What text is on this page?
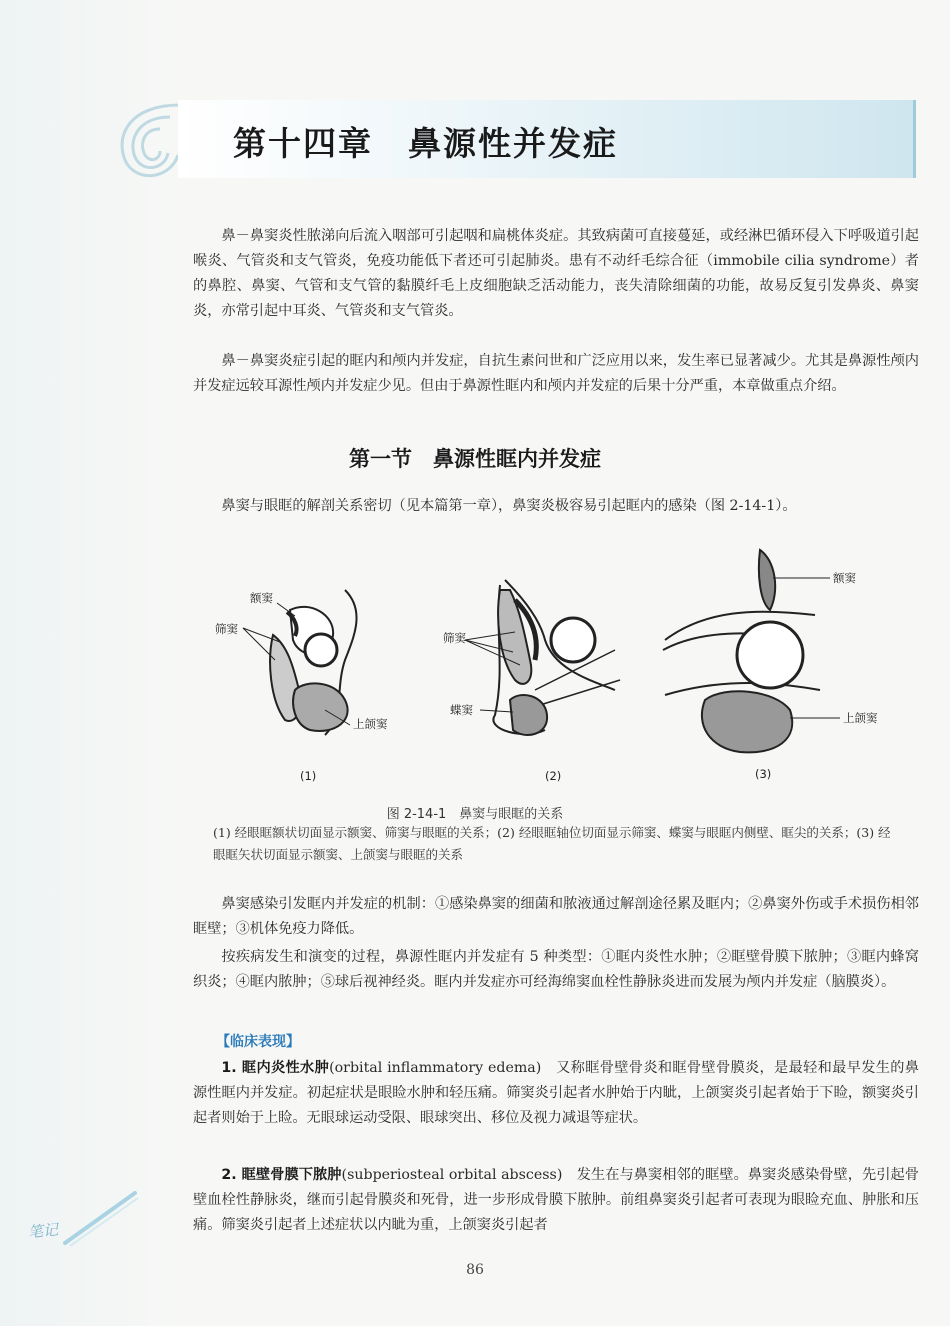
第十四章　鼻源性并发症

鼻－鼻窦炎性脓涕向后流入咽部可引起咽和扁桃体炎症。其致病菌可直接蔓延，或经淋巴循环侵入下呼吸道引起喉炎、气管炎和支气管炎，免疫功能低下者还可引起肺炎。患有不动纤毛综合征（immobile cilia syndrome）者的鼻腔、鼻窦、气管和支气管的黏膜纤毛上皮细胞缺乏活动能力，丧失清除细菌的功能，故易反复引发鼻炎、鼻窦炎，亦常引起中耳炎、气管炎和支气管炎。

鼻－鼻窦炎症引起的眶内和颅内并发症，自抗生素问世和广泛应用以来，发生率已显著减少。尤其是鼻源性颅内并发症远较耳源性颅内并发症少见。但由于鼻源性眶内和颅内并发症的后果十分严重，本章做重点介绍。

第一节　鼻源性眶内并发症

鼻窦与眼眶的解剖关系密切（见本篇第一章），鼻窦炎极容易引起眶内的感染（图 2-14-1）。

额窦
筛窦
上颌窦
(1)
筛窦
蝶窦
(2)
额窦
上颌窦
(3)
图 2-14-1　鼻窦与眼眶的关系

(1) 经眼眶额状切面显示额窦、筛窦与眼眶的关系；(2) 经眼眶轴位切面显示筛窦、蝶窦与眼眶内侧壁、眶尖的关系；(3) 经眼眶矢状切面显示额窦、上颌窦与眼眶的关系

鼻窦感染引发眶内并发症的机制：①感染鼻窦的细菌和脓液通过解剖途径累及眶内；②鼻窦外伤或手术损伤相邻眶壁；③机体免疫力降低。

按疾病发生和演变的过程，鼻源性眶内并发症有 5 种类型：①眶内炎性水肿；②眶壁骨膜下脓肿；③眶内蜂窝织炎；④眶内脓肿；⑤球后视神经炎。眶内并发症亦可经海绵窦血栓性静脉炎进而发展为颅内并发症（脑膜炎）。

【临床表现】

1. 眶内炎性水肿(orbital inflammatory edema)　又称眶骨壁骨炎和眶骨壁骨膜炎，是最轻和最早发生的鼻源性眶内并发症。初起症状是眼睑水肿和轻压痛。筛窦炎引起者水肿始于内眦，上颌窦炎引起者始于下睑，额窦炎引起者则始于上睑。无眼球运动受限、眼球突出、移位及视力减退等症状。

2. 眶壁骨膜下脓肿(subperiosteal orbital abscess)　发生在与鼻窦相邻的眶壁。鼻窦炎感染骨壁，先引起骨壁血栓性静脉炎，继而引起骨膜炎和死骨，进一步形成骨膜下脓肿。前组鼻窦炎引起者可表现为眼睑充血、肿胀和压痛。筛窦炎引起者上述症状以内眦为重，上颌窦炎引起者

笔记
86
